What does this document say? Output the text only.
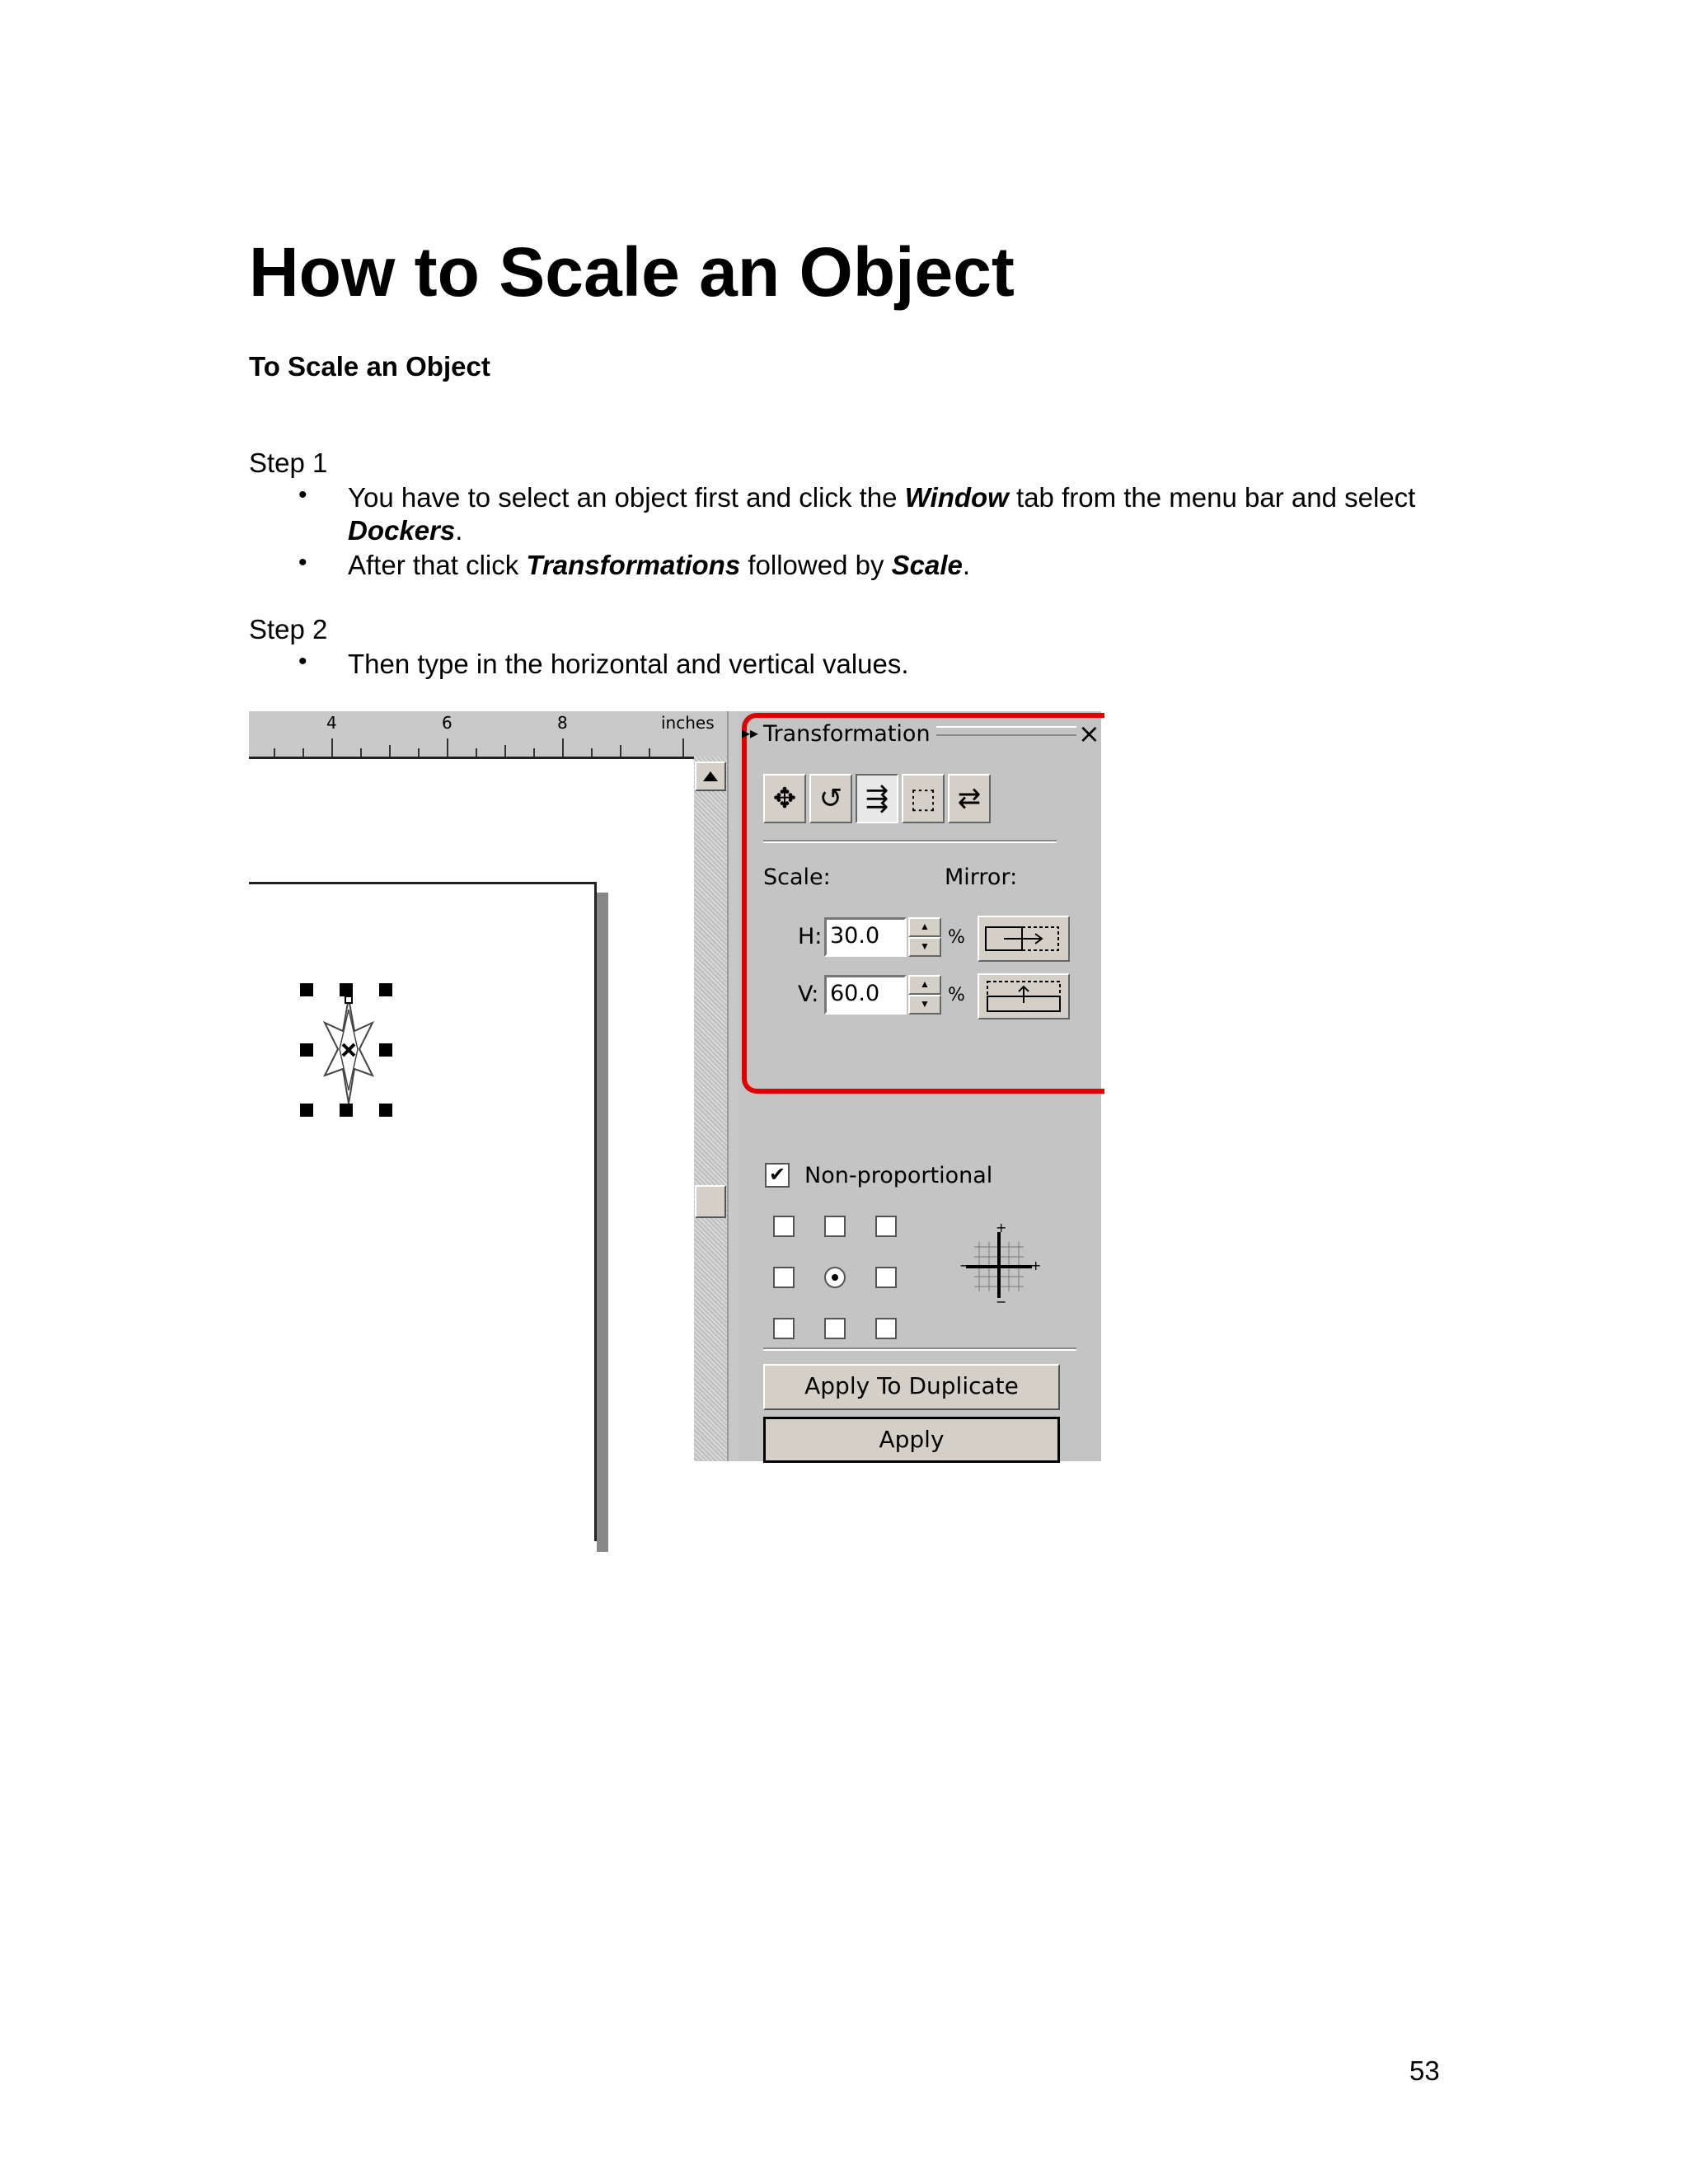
How to Scale an Object
To Scale an Object
Step 1
• You have to select an object first and click the Window tab from the menu bar and select
Dockers.
• After that click Transformations followed by Scale.
Step 2
• Then type in the horizontal and vertical values.
4	6	8	inches ▸▸ Transformation	×
✥ ↺ ⇶ ⬚ ⇄
Scale:	Mirror:
H: 30.0	▲
▼	%
V: 60.0	▲
▼	%
✔ Non-proportional
+
+
−
−
Apply To Duplicate
Apply
53
